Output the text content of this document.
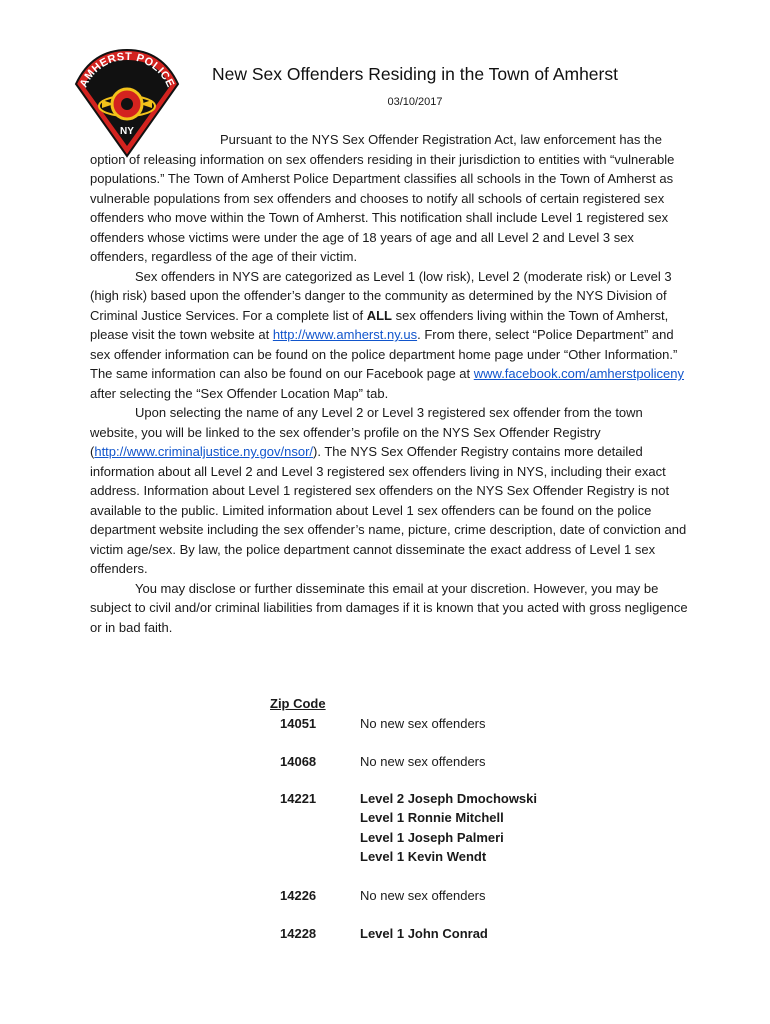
AMHERST POLICE
NY
New Sex Offenders Residing in the Town of Amherst
03/10/2017

Pursuant to the NYS Sex Offender Registration Act, law enforcement has the option of releasing information on sex offenders residing in their jurisdiction to entities with “vulnerable populations.” The Town of Amherst Police Department classifies all schools in the Town of Amherst as vulnerable populations from sex offenders and chooses to notify all schools of certain registered sex offenders who move within the Town of Amherst. This notification shall include Level 1 registered sex offenders whose victims were under the age of 18 years of age and all Level 2 and Level 3 sex offenders, regardless of the age of their victim.

Sex offenders in NYS are categorized as Level 1 (low risk), Level 2 (moderate risk) or Level 3 (high risk) based upon the offender’s danger to the community as determined by the NYS Division of Criminal Justice Services. For a complete list of ALL sex offenders living within the Town of Amherst, please visit the town website at http://www.amherst.ny.us. From there, select “Police Department” and sex offender information can be found on the police department home page under “Other Information.” The same information can also be found on our Facebook page at www.facebook.com/amherstpoliceny after selecting the “Sex Offender Location Map” tab.

Upon selecting the name of any Level 2 or Level 3 registered sex offender from the town website, you will be linked to the sex offender’s profile on the NYS Sex Offender Registry (http://www.criminaljustice.ny.gov/nsor/). The NYS Sex Offender Registry contains more detailed information about all Level 2 and Level 3 registered sex offenders living in NYS, including their exact address. Information about Level 1 registered sex offenders on the NYS Sex Offender Registry is not available to the public. Limited information about Level 1 sex offenders can be found on the police department website including the sex offender’s name, picture, crime description, date of conviction and victim age/sex. By law, the police department cannot disseminate the exact address of Level 1 sex offenders.

You may disclose or further disseminate this email at your discretion. However, you may be subject to civil and/or criminal liabilities from damages if it is known that you acted with gross negligence or in bad faith.

Zip Code
14051	No new sex offenders
14068	No new sex offenders
14221	Level 2 Joseph Dmochowski
Level 1 Ronnie Mitchell
Level 1 Joseph Palmeri
Level 1 Kevin Wendt
14226	No new sex offenders
14228	Level 1 John Conrad
